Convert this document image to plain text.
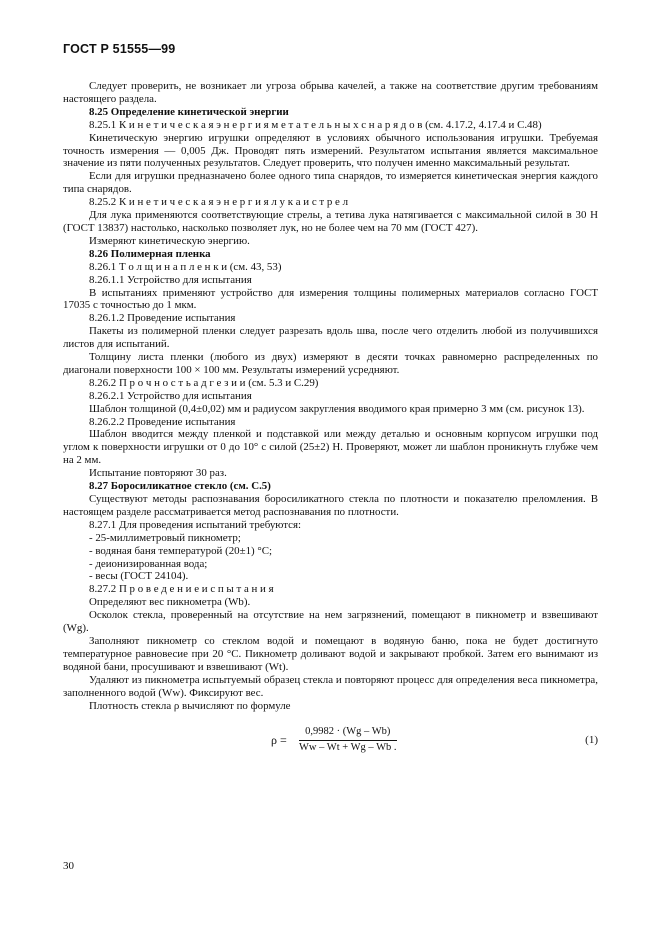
ГОСТ Р 51555—99

Следует проверить, не возникает ли угроза обрыва качелей, а также на соответствие другим требованиям настоящего раздела.

8.25 Определение кинетической энергии

8.25.1 К и н е т и ч е с к а я э н е р г и я м е т а т е л ь н ы х с н а р я д о в (см. 4.17.2, 4.17.4 и С.48)

Кинетическую энергию игрушки определяют в условиях обычного использования игрушки. Требуемая точность измерения — 0,005 Дж. Проводят пять измерений. Результатом испытания является максимальное значение из пяти полученных результатов. Следует проверить, что получен именно максимальный результат.

Если для игрушки предназначено более одного типа снарядов, то измеряется кинетическая энергия каждого типа снарядов.

8.25.2 К и н е т и ч е с к а я э н е р г и я л у к а и с т р е л

Для лука применяются соответствующие стрелы, а тетива лука натягивается с максимальной силой в 30 Н (ГОСТ 13837) настолько, насколько позволяет лук, но не более чем на 70 мм (ГОСТ 427).

Измеряют кинетическую энергию.

8.26 Полимерная пленка

8.26.1 Т о л щ и н а п л е н к и (см. 43, 53)

8.26.1.1 Устройство для испытания

В испытаниях применяют устройство для измерения толщины полимерных материалов согласно ГОСТ 17035 с точностью до 1 мкм.

8.26.1.2 Проведение испытания

Пакеты из полимерной пленки следует разрезать вдоль шва, после чего отделить любой из получившихся листов для испытаний.

Толщину листа пленки (любого из двух) измеряют в десяти точках равномерно распределенных по диагонали поверхности 100 × 100 мм. Результаты измерений усредняют.

8.26.2 П р о ч н о с т ь а д г е з и и (см. 5.3 и С.29)

8.26.2.1 Устройство для испытания

Шаблон толщиной (0,4±0,02) мм и радиусом закругления вводимого края примерно 3 мм (см. рисунок 13).

8.26.2.2 Проведение испытания

Шаблон вводится между пленкой и подставкой или между деталью и основным корпусом игрушки под углом к поверхности игрушки от 0 до 10° с силой (25±2) Н. Проверяют, может ли шаблон проникнуть глубже чем на 2 мм.

Испытание повторяют 30 раз.

8.27 Боросиликатное стекло (см. С.5)

Существуют методы распознавания боросиликатного стекла по плотности и показателю преломления. В настоящем разделе рассматривается метод распознавания по плотности.

8.27.1 Для проведения испытаний требуются:

- 25-миллиметровый пикнометр;

- водяная баня температурой (20±1) °С;

- деионизированная вода;

- весы (ГОСТ 24104).

8.27.2 П р о в е д е н и е и с п ы т а н и я

Определяют вес пикнометра (Wb).

Осколок стекла, проверенный на отсутствие на нем загрязнений, помещают в пикнометр и взвешивают (Wg).

Заполняют пикнометр со стеклом водой и помещают в водяную баню, пока не будет достигнуто температурное равновесие при 20 °С. Пикнометр доливают водой и закрывают пробкой. Затем его вынимают из водяной бани, просушивают и взвешивают (Wt).

Удаляют из пикнометра испытуемый образец стекла и повторяют процесс для определения веса пикнометра, заполненного водой (Ww). Фиксируют вес.

Плотность стекла ρ вычисляют по формуле

$\rho = \frac{0,9982 \cdot (Wg - Wb)}{Ww - Wt + Wg - Wb .}$	(1)
30
